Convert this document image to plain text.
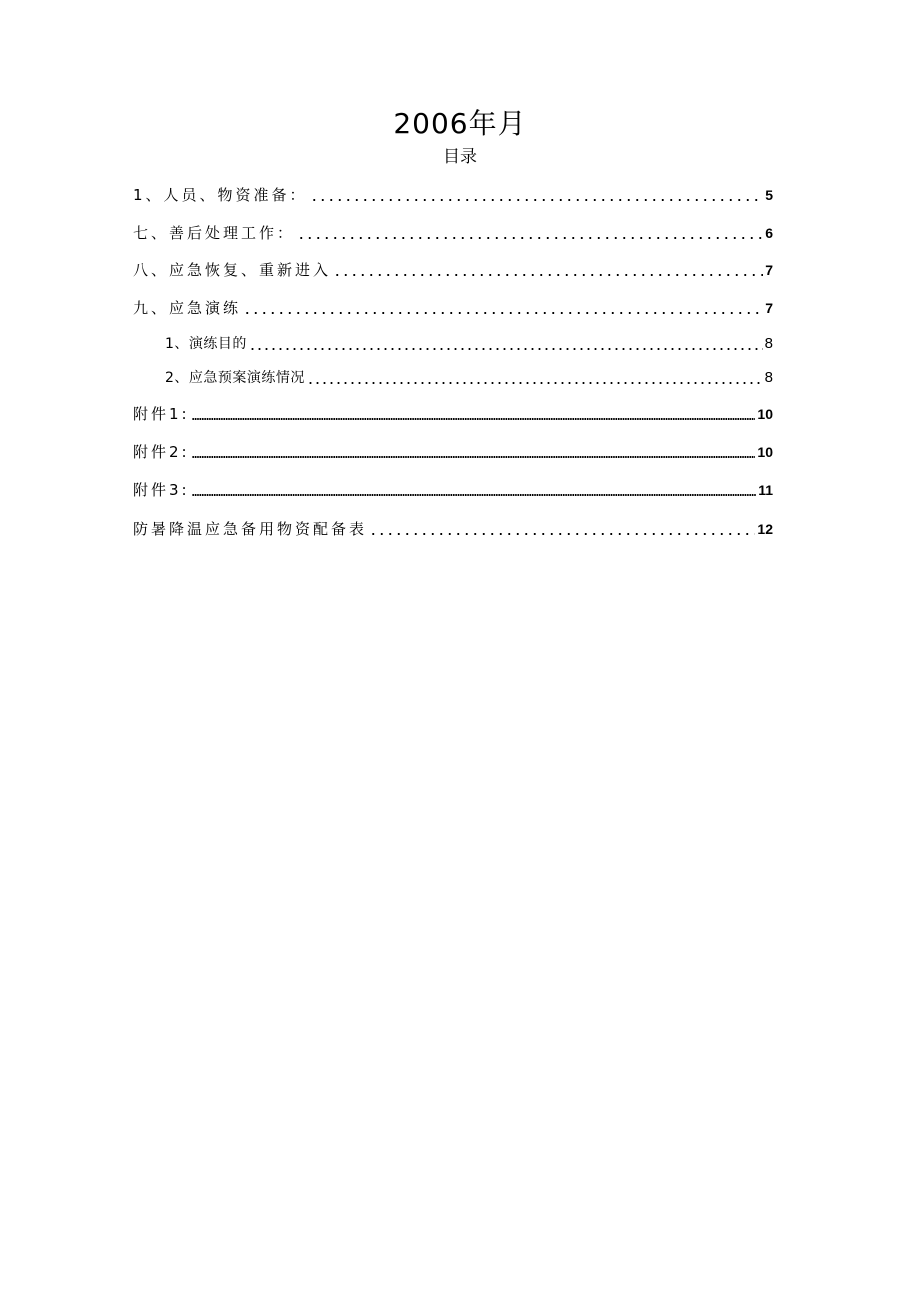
2006年月
目录
1、人员、物资准备：	5
七、善后处理工作：	6
八、应急恢复、重新进入	7
九、应急演练	7
1、演练目的	8
2、应急预案演练情况	8
附件1:	10
附件2:	10
附件3:	11
防暑降温应急备用物资配备表	12
